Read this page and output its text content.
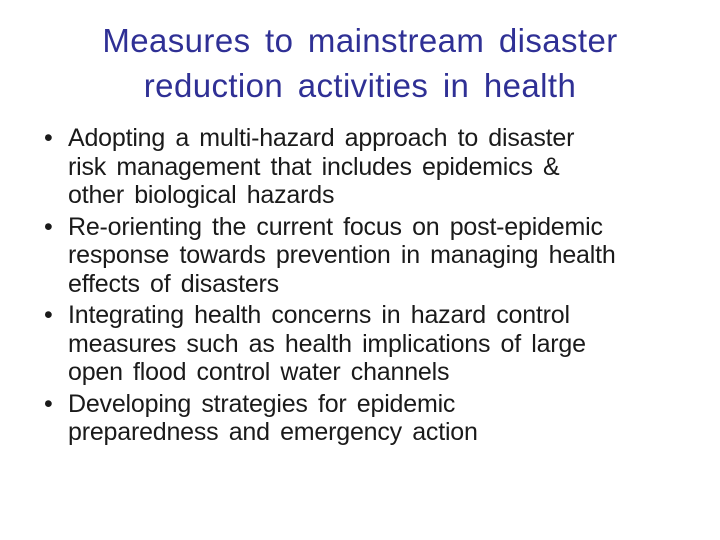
Measures to mainstream disaster
reduction activities in health
• Adopting a multi-hazard approach to disaster
risk management that includes epidemics &
other biological hazards
• Re-orienting the current focus on post-epidemic
response towards prevention in managing health
effects of disasters
• Integrating health concerns in hazard control
measures such as health implications of large
open flood control water channels
• Developing strategies for epidemic
preparedness and emergency action
